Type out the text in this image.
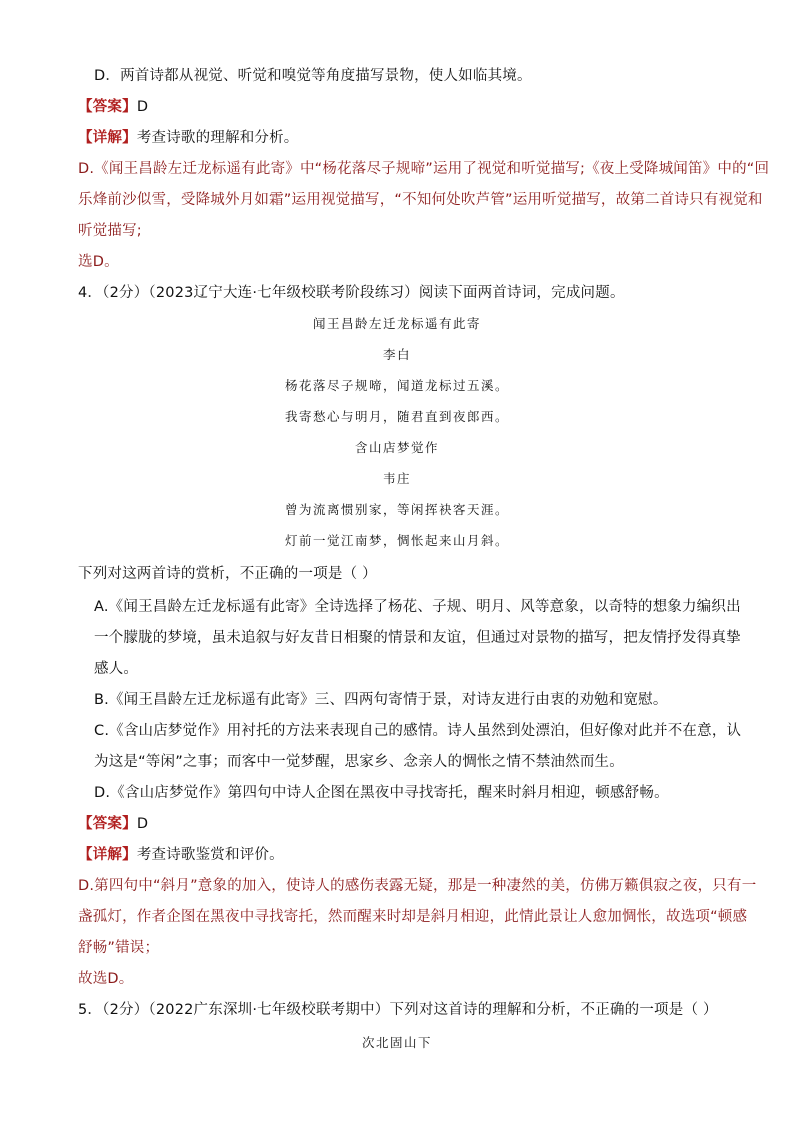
D．两首诗都从视觉、听觉和嗅觉等角度描写景物，使人如临其境。
【答案】D
【详解】考查诗歌的理解和分析。
D.《闻王昌龄左迁龙标遥有此寄》中“杨花落尽子规啼”运用了视觉和听觉描写;《夜上受降城闻笛》中的“回
乐烽前沙似雪，受降城外月如霜”运用视觉描写，“不知何处吹芦管”运用听觉描写，故第二首诗只有视觉和
听觉描写;
选D。
4．（2分）（2023辽宁大连·七年级校联考阶段练习）阅读下面两首诗词，完成问题。
闻王昌龄左迁龙标遥有此寄
李白
杨花落尽子规啼，闻道龙标过五溪。
我寄愁心与明月，随君直到夜郎西。
含山店梦觉作
韦庄
曾为流离惯别家，等闲挥袂客天涯。
灯前一觉江南梦，惆怅起来山月斜。
下列对这两首诗的赏析，不正确的一项是（ ）
A.《闻王昌龄左迁龙标遥有此寄》全诗选择了杨花、子规、明月、风等意象，以奇特的想象力编织出
一个朦胧的梦境，虽未追叙与好友昔日相聚的情景和友谊，但通过对景物的描写，把友情抒发得真挚
感人。
B.《闻王昌龄左迁龙标遥有此寄》三、四两句寄情于景，对诗友进行由衷的劝勉和宽慰。
C.《含山店梦觉作》用衬托的方法来表现自己的感情。诗人虽然到处漂泊，但好像对此并不在意，认
为这是“等闲”之事；而客中一觉梦醒，思家乡、念亲人的惆怅之情不禁油然而生。
D.《含山店梦觉作》第四句中诗人企图在黑夜中寻找寄托，醒来时斜月相迎，顿感舒畅。
【答案】D
【详解】考查诗歌鉴赏和评价。
D.第四句中“斜月”意象的加入，使诗人的感伤表露无疑，那是一种凄然的美，仿佛万籁俱寂之夜，只有一
盏孤灯，作者企图在黑夜中寻找寄托，然而醒来时却是斜月相迎，此情此景让人愈加惆怅，故选项“顿感
舒畅”错误；
故选D。
5．（2分）（2022广东深圳·七年级校联考期中）下列对这首诗的理解和分析，不正确的一项是（ ）
次北固山下
